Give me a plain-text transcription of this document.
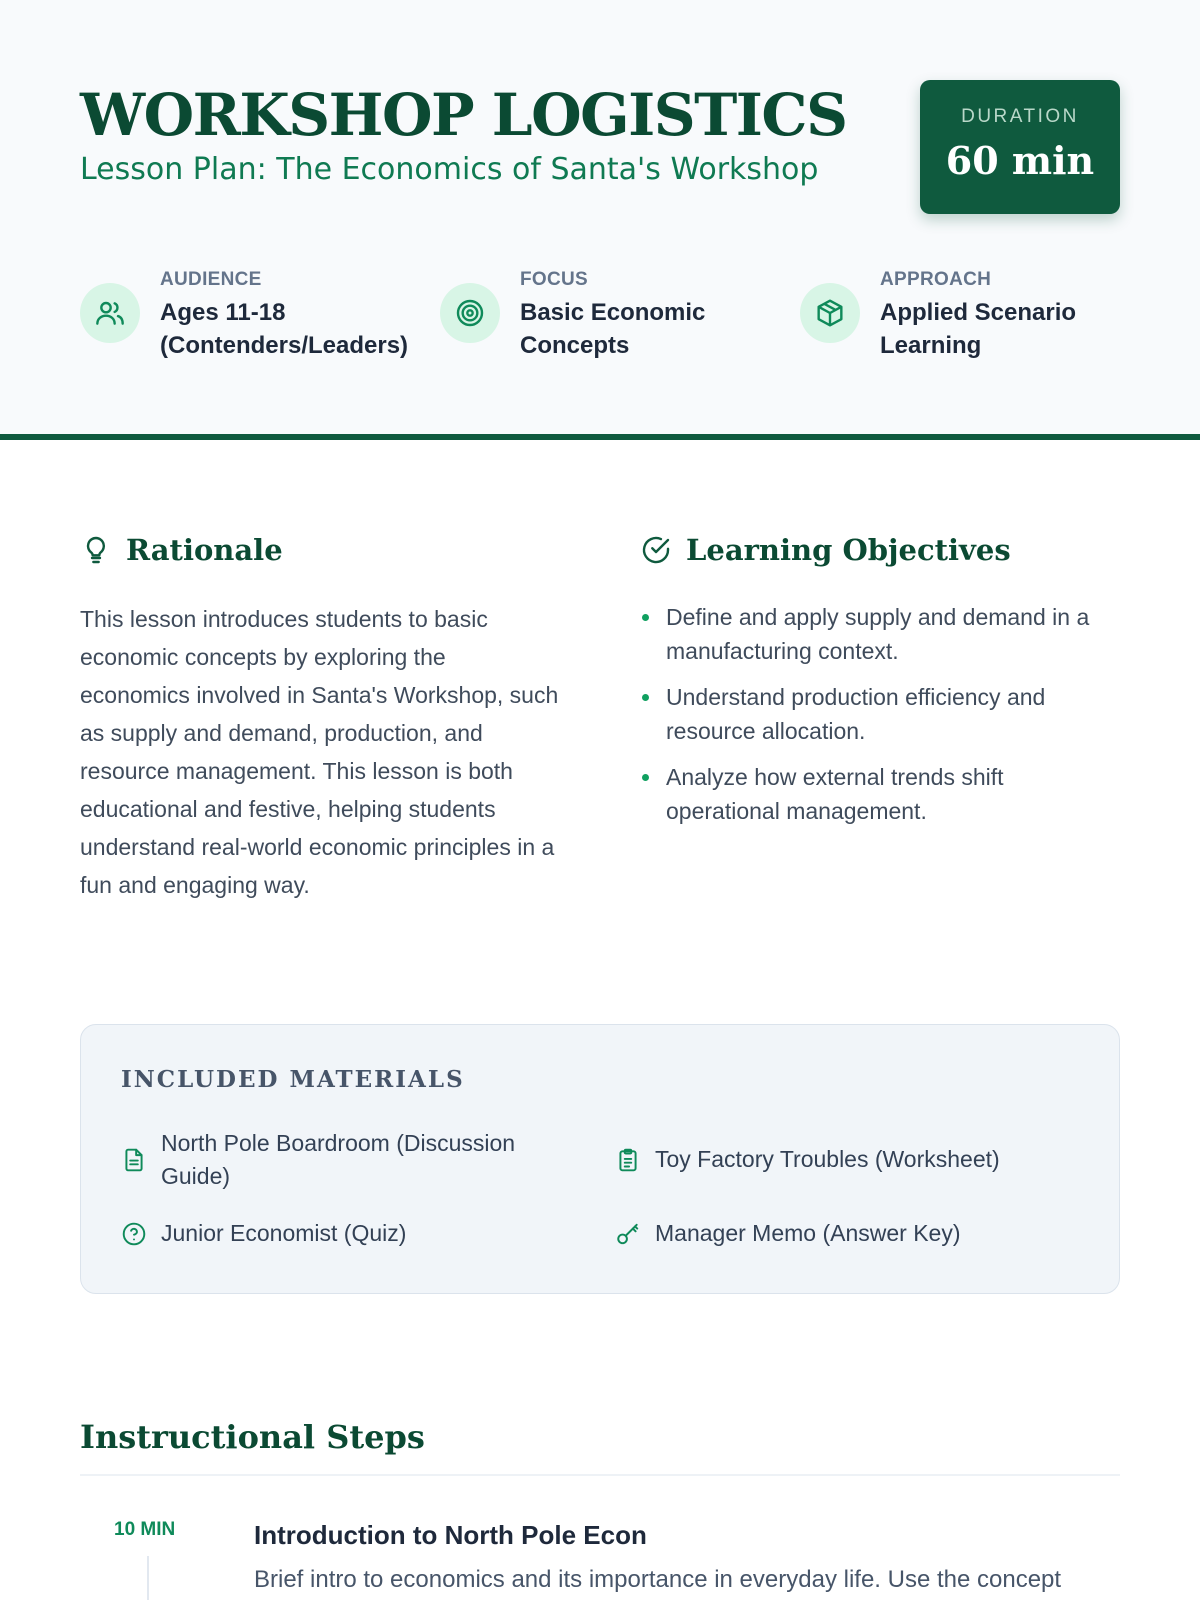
WORKSHOP LOGISTICS
Lesson Plan: The Economics of Santa's Workshop
DURATION
60 min
AUDIENCE
Ages 11-18 (Contenders/Leaders)
FOCUS
Basic Economic Concepts
APPROACH
Applied Scenario Learning
Rationale

This lesson introduces students to basic economic concepts by exploring the economics involved in Santa's Workshop, such as supply and demand, production, and resource management. This lesson is both educational and festive, helping students understand real-world economic principles in a fun and engaging way.

Learning Objectives
Define and apply supply and demand in a manufacturing context.
Understand production efficiency and resource allocation.
Analyze how external trends shift operational management.
INCLUDED MATERIALS
North Pole Boardroom (Discussion Guide)
Toy Factory Troubles (Worksheet)
Junior Economist (Quiz)	Manager Memo (Answer Key)
Instructional Steps
10 MIN	Introduction to North Pole Econ
Brief intro to economics and its importance in everyday life. Use the concept
